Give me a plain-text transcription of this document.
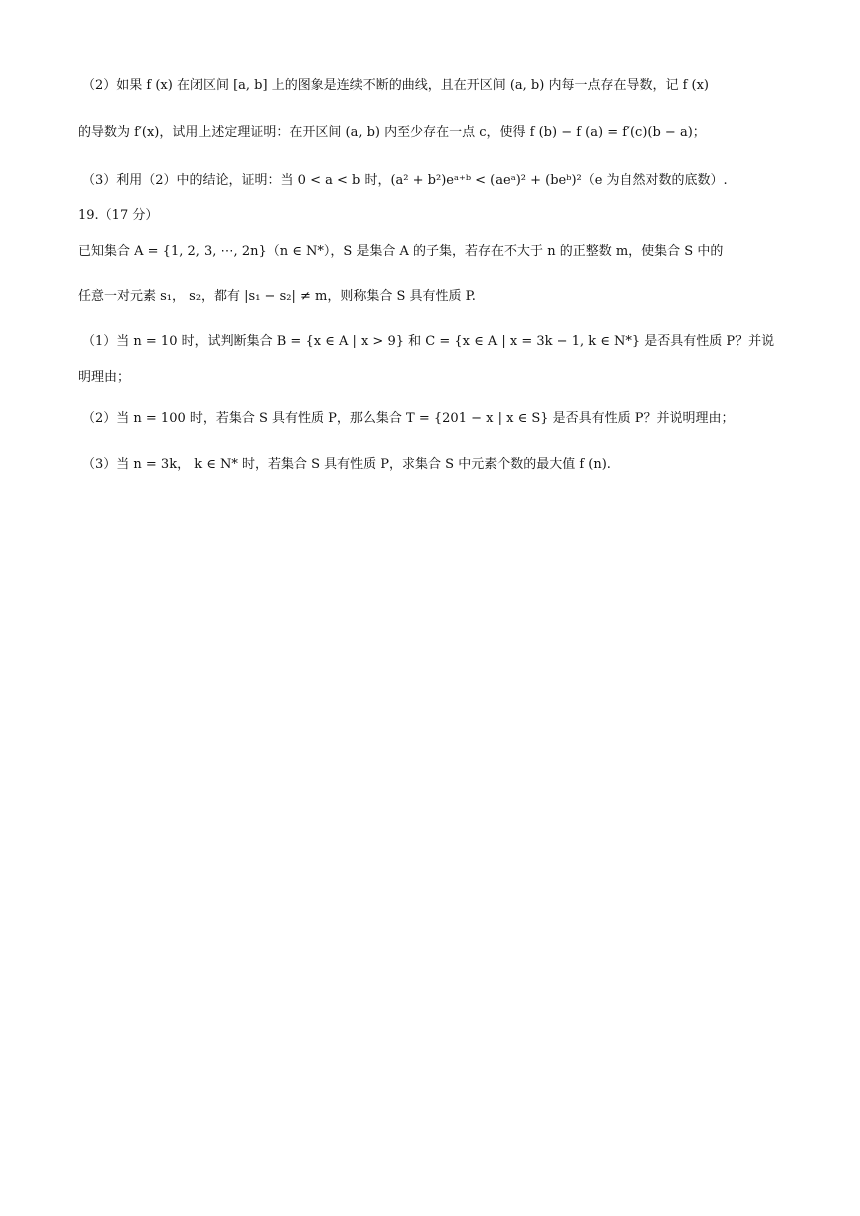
（2）如果 f (x) 在闭区间 [a, b] 上的图象是连续不断的曲线，且在开区间 (a, b) 内每一点存在导数，记 f (x)
的导数为 f′(x)，试用上述定理证明：在开区间 (a, b) 内至少存在一点 c，使得 f (b) − f (a) = f′(c)(b − a)；
（3）利用（2）中的结论，证明：当 0 < a < b 时，(a² + b²)eᵃ⁺ᵇ < (aeᵃ)² + (beᵇ)²（e 为自然对数的底数）.
19.（17 分）
已知集合 A = {1, 2, 3, ⋯, 2n}（n ∈ N*），S 是集合 A 的子集，若存在不大于 n 的正整数 m，使集合 S 中的
任意一对元素 s₁， s₂，都有 |s₁ − s₂| ≠ m，则称集合 S 具有性质 P.
（1）当 n = 10 时，试判断集合 B = {x ∈ A | x > 9} 和 C = {x ∈ A | x = 3k − 1, k ∈ N*} 是否具有性质 P？并说
明理由；
（2）当 n = 100 时，若集合 S 具有性质 P，那么集合 T = {201 − x | x ∈ S} 是否具有性质 P？并说明理由；
（3）当 n = 3k， k ∈ N* 时，若集合 S 具有性质 P，求集合 S 中元素个数的最大值 f (n).
